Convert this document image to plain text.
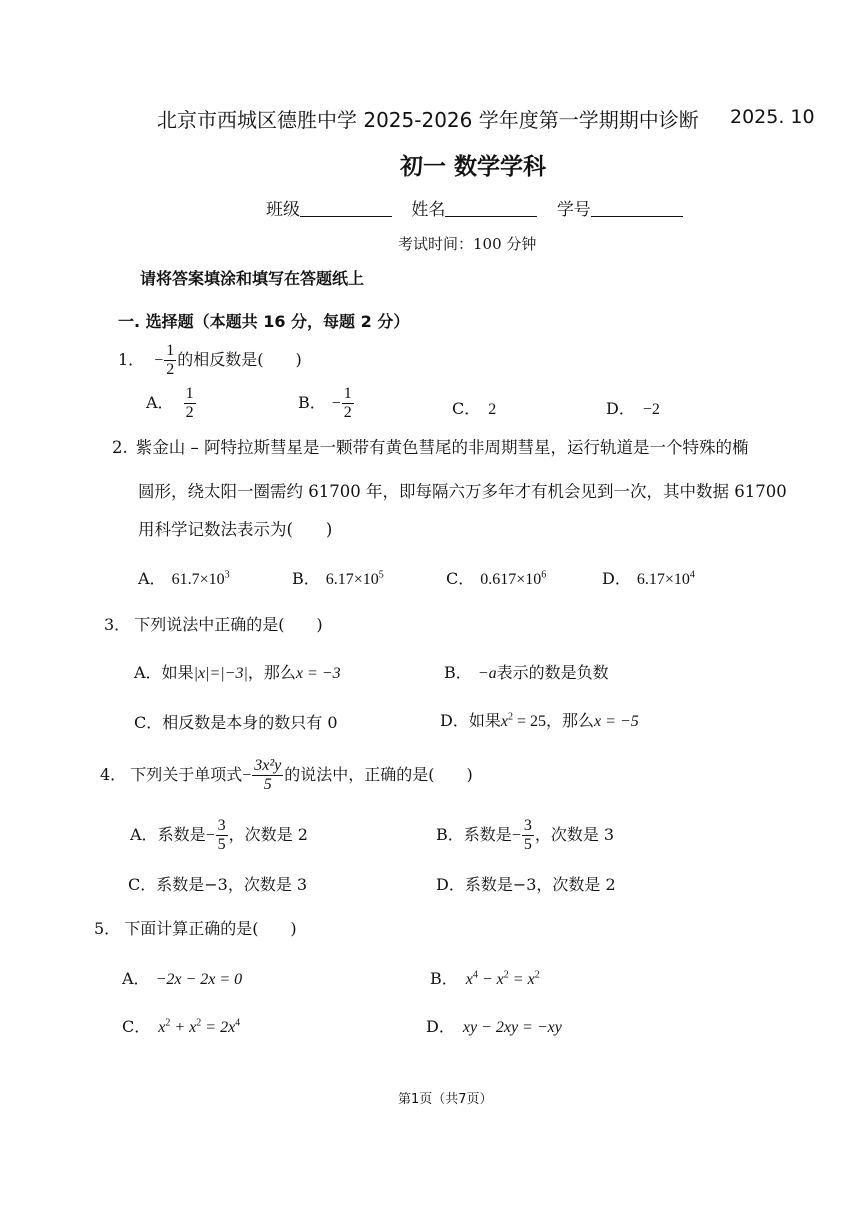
北京市西城区德胜中学 2025-2026 学年度第一学期期中诊断 2025. 10
初一 数学学科
班级	姓名	学号
考试时间：100 分钟
请将答案填涂和填写在答题纸上
一. 选择题（本题共 16 分，每题 2 分）
1． − $\frac{1}{2}$ 的相反数是(　　)
A． $\frac{1}{2}$	B． − $\frac{1}{2}$	C． 2	D． −2
2. 紫金山 – 阿特拉斯彗星是一颗带有黄色彗尾的非周期彗星，运行轨道是一个特殊的椭
圆形，绕太阳一圈需约 61700 年，即每隔六万多年才有机会见到一次，其中数据 61700
用科学记数法表示为(　　)
A． $61.7\times 10^3$	B． $6.17\times 10^5$	C． $0.617\times 10^6$	D． $6.17\times 10^4$
3． 下列说法中正确的是(　　)
A．如果|x|=|−3|，那么x = −3	B． −a表示的数是负数
C．相反数是本身的数只有 0	D．如果$x^2 = 25$，那么x = −5
4． 下列关于单项式− $\frac{\text{3x²y}}{5}$ 的说法中，正确的是(　　)
A．系数是− $\frac{3}{5}$ ，次数是 2	B．系数是− $\frac{3}{5}$ ，次数是 3
C．系数是−3，次数是 3	D．系数是−3，次数是 2
5． 下面计算正确的是(　　)
A． −2x − 2x = 0	B． $x^4 - x^2 = x^2$
C． $x^2 + x^2 = 2x^4$	D． xy − 2xy = −xy
第1页（共7页）
